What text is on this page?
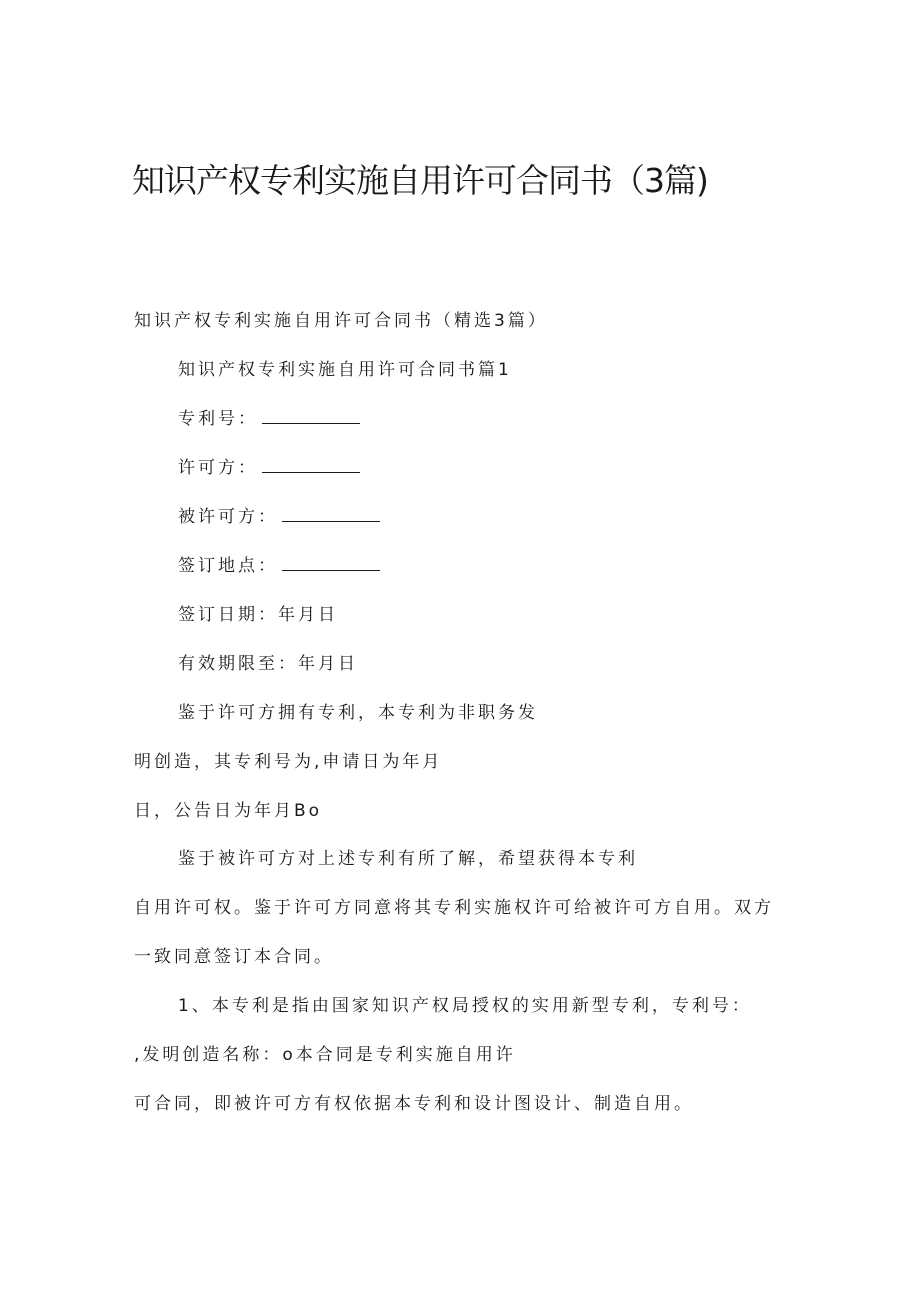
知识产权专利实施自用许可合同书（3篇)

知识产权专利实施自用许可合同书（精选3篇）

知识产权专利实施自用许可合同书篇1

专利号：

许可方：

被许可方：

签订地点：

签订日期：年月日

有效期限至：年月日

鉴于许可方拥有专利，本专利为非职务发

明创造，其专利号为,申请日为年月

日，公告日为年月Bo

鉴于被许可方对上述专利有所了解，希望获得本专利

自用许可权。鉴于许可方同意将其专利实施权许可给被许可方自用。双方

一致同意签订本合同。

1、本专利是指由国家知识产权局授权的实用新型专利，专利号：

,发明创造名称：o本合同是专利实施自用许

可合同，即被许可方有权依据本专利和设计图设计、制造自用。
